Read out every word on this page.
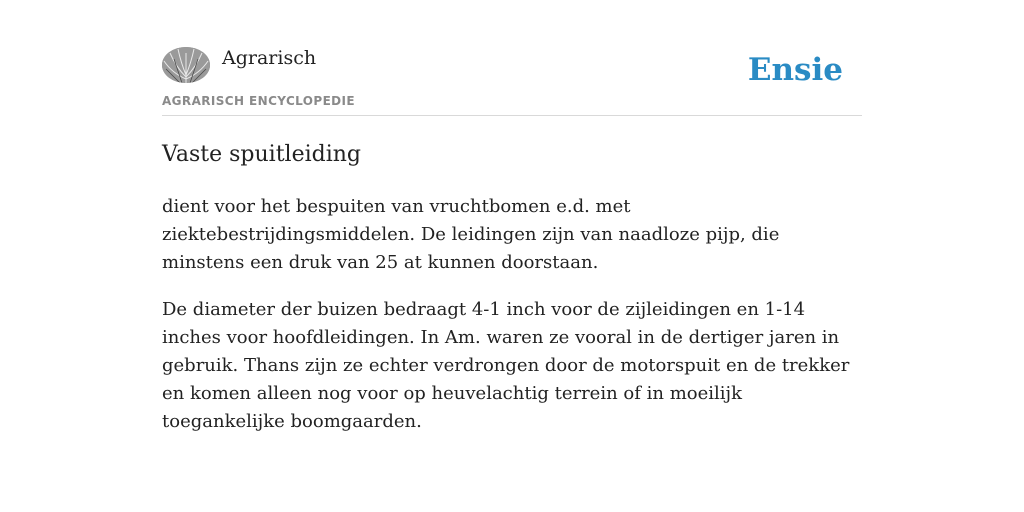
Agrarisch
AGRARISCH ENCYCLOPEDIE
Ensie
Vaste spuitleiding

dient voor het bespuiten van vruchtbomen e.d. met ziektebestrijdingsmiddelen. De leidingen zijn van naadloze pijp, die minstens een druk van 25 at kunnen doorstaan.

De diameter der buizen bedraagt 4-1 inch voor de zijleidingen en 1-14 inches voor hoofdleidingen. In Am. waren ze vooral in de dertiger jaren in gebruik. Thans zijn ze echter verdrongen door de motorspuit en de trekker en komen alleen nog voor op heuvelachtig terrein of in moeilijk toegankelijke boomgaarden.
